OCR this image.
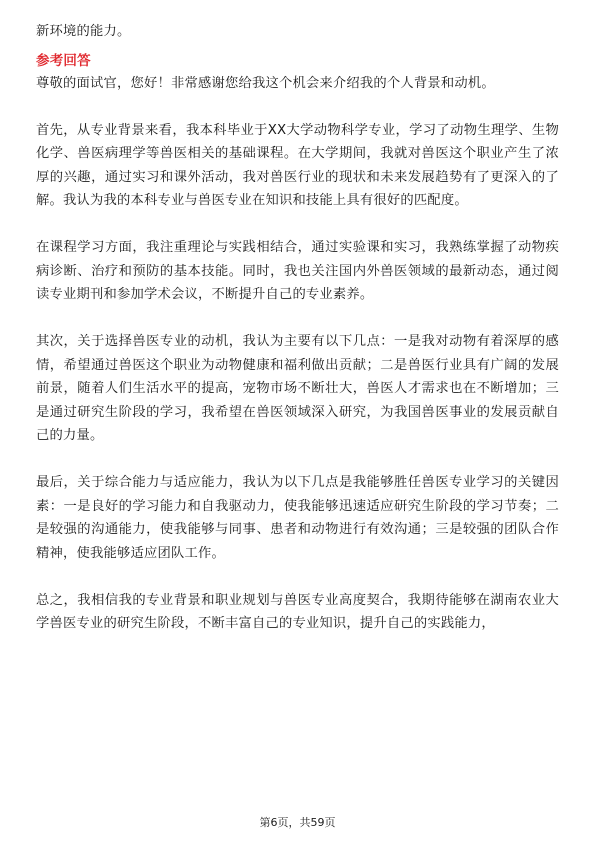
新环境的能力。

参考回答

尊敬的面试官，您好！非常感谢您给我这个机会来介绍我的个人背景和动机。

首先，从专业背景来看，我本科毕业于XX大学动物科学专业，学习了动物生理学、生物化学、兽医病理学等兽医相关的基础课程。在大学期间，我就对兽医这个职业产生了浓厚的兴趣，通过实习和课外活动，我对兽医行业的现状和未来发展趋势有了更深入的了解。我认为我的本科专业与兽医专业在知识和技能上具有很好的匹配度。

在课程学习方面，我注重理论与实践相结合，通过实验课和实习，我熟练掌握了动物疾病诊断、治疗和预防的基本技能。同时，我也关注国内外兽医领域的最新动态，通过阅读专业期刊和参加学术会议，不断提升自己的专业素养。

其次，关于选择兽医专业的动机，我认为主要有以下几点：一是我对动物有着深厚的感情，希望通过兽医这个职业为动物健康和福利做出贡献；二是兽医行业具有广阔的发展前景，随着人们生活水平的提高，宠物市场不断壮大，兽医人才需求也在不断增加；三是通过研究生阶段的学习，我希望在兽医领域深入研究，为我国兽医事业的发展贡献自己的力量。

最后，关于综合能力与适应能力，我认为以下几点是我能够胜任兽医专业学习的关键因素：一是良好的学习能力和自我驱动力，使我能够迅速适应研究生阶段的学习节奏；二是较强的沟通能力，使我能够与同事、患者和动物进行有效沟通；三是较强的团队合作精神，使我能够适应团队工作。

总之，我相信我的专业背景和职业规划与兽医专业高度契合，我期待能够在湖南农业大学兽医专业的研究生阶段，不断丰富自己的专业知识，提升自己的实践能力，

第6页，共59页
